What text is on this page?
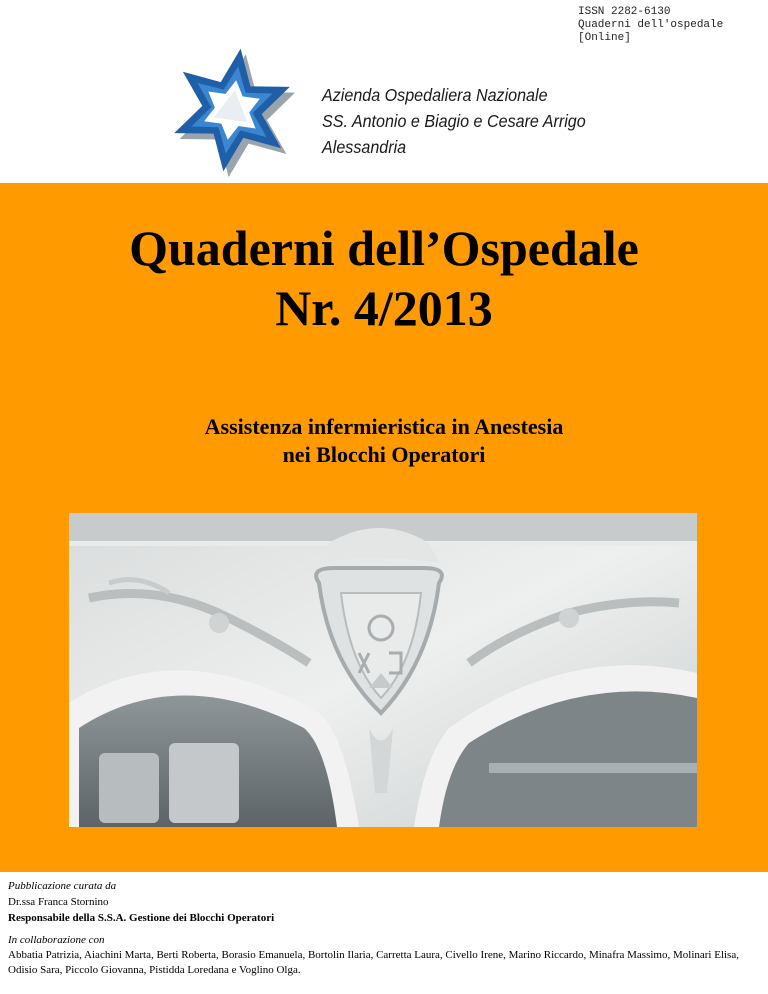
ISSN 2282-6130
Quaderni dell'ospedale
[Online]
Azienda Ospedaliera Nazionale
SS. Antonio e Biagio e Cesare Arrigo
Alessandria
Quaderni dell’Ospedale
Nr. 4/2013
Assistenza infermieristica in Anestesia
nei Blocchi Operatori
Pubblicazione curata da
Dr.ssa Franca Stornino
Responsabile della S.S.A. Gestione dei Blocchi Operatori
In collaborazione con
Abbatia Patrizia, Aiachini Marta, Berti Roberta, Borasio Emanuela, Bortolin Ilaria, Carretta Laura, Civello Irene, Marino Riccardo, Minafra Massimo, Molinari Elisa, Odisio Sara, Piccolo Giovanna, Pistidda Loredana e Voglino Olga.
